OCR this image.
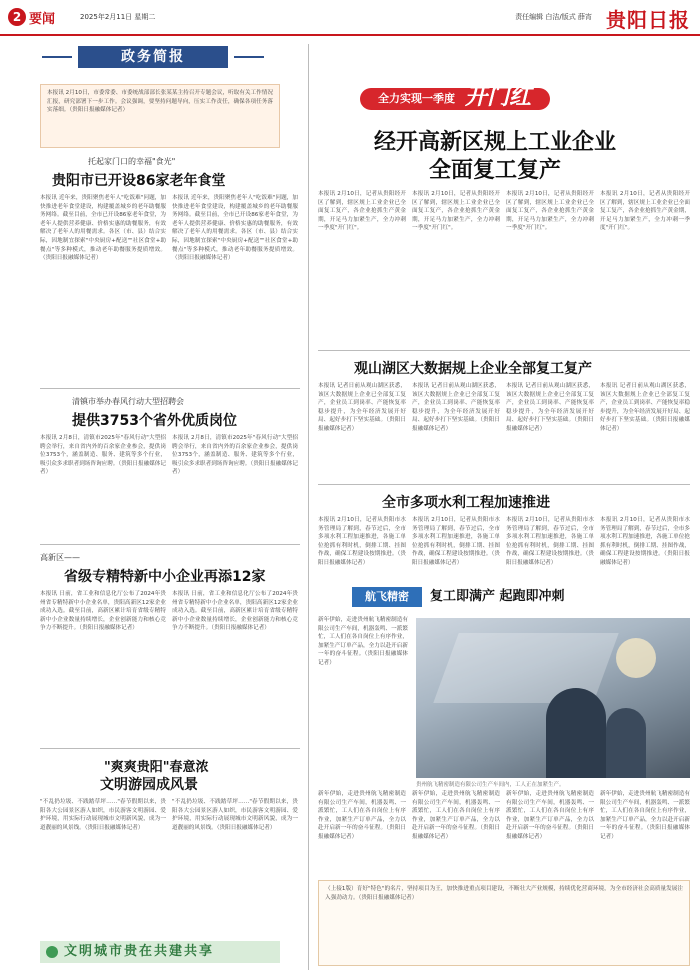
2 要闻	2025年2月11日 星期二	责任编辑 白洁/版式 薛宵 贵阳日报
政务简报
本报讯 2月10日，市委常委、市委统战部部长张某某主持召开专题会议，听取有关工作情况汇报，研究部署下一步工作。会议强调，要坚持问题导向，压实工作责任，确保各项任务落实落细。（贵阳日报融媒体记者）
托起家门口的幸福"食光"
贵阳市已开设86家老年食堂
本报讯 近年来，贵阳聚焦老年人"吃饭难"问题，加快推进老年食堂建设，构建覆盖城乡的老年助餐服务网络。截至目前，全市已开设86家老年食堂，为老年人提供营养健康、价格实惠的助餐服务，有效解决了老年人的用餐需求。各区（市、县）结合实际，因地制宜探索"中央厨房+配送""社区食堂+助餐点"等多种模式，推动老年助餐服务提质增效。（贵阳日报融媒体记者）
本报讯 近年来，贵阳聚焦老年人"吃饭难"问题，加快推进老年食堂建设，构建覆盖城乡的老年助餐服务网络。截至目前，全市已开设86家老年食堂，为老年人提供营养健康、价格实惠的助餐服务，有效解决了老年人的用餐需求。各区（市、县）结合实际，因地制宜探索"中央厨房+配送""社区食堂+助餐点"等多种模式，推动老年助餐服务提质增效。（贵阳日报融媒体记者）
清镇市举办春风行动大型招聘会
提供3753个省外优质岗位
本报讯 2月8日，清镇市2025年"春风行动"大型招聘会举行，来自省内外的百余家企业参会，提供岗位3753个，涵盖制造、服务、建筑等多个行业，吸引众多求职者到场咨询应聘。（贵阳日报融媒体记者）
本报讯 2月8日，清镇市2025年"春风行动"大型招聘会举行，来自省内外的百余家企业参会，提供岗位3753个，涵盖制造、服务、建筑等多个行业，吸引众多求职者到场咨询应聘。（贵阳日报融媒体记者）
高新区——
省级专精特新中小企业再添12家
本报讯 日前，省工业和信息化厅公布了2024年贵州省专精特新中小企业名单，贵阳高新区12家企业成功入选。截至目前，高新区累计培育省级专精特新中小企业数量持续增长，企业创新能力和核心竞争力不断提升。（贵阳日报融媒体记者）
本报讯 日前，省工业和信息化厅公布了2024年贵州省专精特新中小企业名单，贵阳高新区12家企业成功入选。截至目前，高新区累计培育省级专精特新中小企业数量持续增长，企业创新能力和核心竞争力不断提升。（贵阳日报融媒体记者）
"爽爽贵阳"春意浓
文明游园成风景
"不乱扔垃圾、不践踏草坪……"春节假期以来，贵阳各大公园景区游人如织，市民游客文明游园、爱护环境，用实际行动展现城市文明新风貌，成为一道靓丽的风景线。（贵阳日报融媒体记者）
"不乱扔垃圾、不践踏草坪……"春节假期以来，贵阳各大公园景区游人如织，市民游客文明游园、爱护环境，用实际行动展现城市文明新风貌，成为一道靓丽的风景线。（贵阳日报融媒体记者）
文明城市贵在共建共享
全力实现一季度 开门红
经开高新区规上工业企业
全面复工复产
本报讯 2月10日，记者从贵阳经开区了解到，辖区规上工业企业已全面复工复产，各企业抢抓生产黄金期，开足马力加紧生产，全力冲刺一季度"开门红"。
本报讯 2月10日，记者从贵阳经开区了解到，辖区规上工业企业已全面复工复产，各企业抢抓生产黄金期，开足马力加紧生产，全力冲刺一季度"开门红"。
本报讯 2月10日，记者从贵阳经开区了解到，辖区规上工业企业已全面复工复产，各企业抢抓生产黄金期，开足马力加紧生产，全力冲刺一季度"开门红"。
本报讯 2月10日，记者从贵阳经开区了解到，辖区规上工业企业已全面复工复产，各企业抢抓生产黄金期，开足马力加紧生产，全力冲刺一季度"开门红"。
观山湖区大数据规上企业全部复工复产
本报讯 记者日前从观山湖区获悉，该区大数据规上企业已全部复工复产，企业员工到岗率、产能恢复率稳步提升，为全年经济发展开好局、起好步打下坚实基础。（贵阳日报融媒体记者）
本报讯 记者日前从观山湖区获悉，该区大数据规上企业已全部复工复产，企业员工到岗率、产能恢复率稳步提升，为全年经济发展开好局、起好步打下坚实基础。（贵阳日报融媒体记者）
本报讯 记者日前从观山湖区获悉，该区大数据规上企业已全部复工复产，企业员工到岗率、产能恢复率稳步提升，为全年经济发展开好局、起好步打下坚实基础。（贵阳日报融媒体记者）
本报讯 记者日前从观山湖区获悉，该区大数据规上企业已全部复工复产，企业员工到岗率、产能恢复率稳步提升，为全年经济发展开好局、起好步打下坚实基础。（贵阳日报融媒体记者）
全市多项水利工程加速推进
本报讯 2月10日，记者从贵阳市水务管理局了解到，春节过后，全市多项水利工程加速推进，各施工单位抢抓有利时机，倒排工期、挂图作战，确保工程建设按期推进。（贵阳日报融媒体记者）
本报讯 2月10日，记者从贵阳市水务管理局了解到，春节过后，全市多项水利工程加速推进，各施工单位抢抓有利时机，倒排工期、挂图作战，确保工程建设按期推进。（贵阳日报融媒体记者）
本报讯 2月10日，记者从贵阳市水务管理局了解到，春节过后，全市多项水利工程加速推进，各施工单位抢抓有利时机，倒排工期、挂图作战，确保工程建设按期推进。（贵阳日报融媒体记者）
本报讯 2月10日，记者从贵阳市水务管理局了解到，春节过后，全市多项水利工程加速推进，各施工单位抢抓有利时机，倒排工期、挂图作战，确保工程建设按期推进。（贵阳日报融媒体记者）
航飞精密	复工即满产 起跑即冲刺
新年伊始，走进贵州航飞精密制造有限公司生产车间，机器轰鸣、一派繁忙，工人们在各自岗位上有序作业，加紧生产订单产品，全力以赴开启新一年的奋斗征程。（贵阳日报融媒体记者）
贵州航飞精密制造有限公司生产车间内，工人正在加紧生产。
新年伊始，走进贵州航飞精密制造有限公司生产车间，机器轰鸣、一派繁忙，工人们在各自岗位上有序作业，加紧生产订单产品，全力以赴开启新一年的奋斗征程。（贵阳日报融媒体记者）
新年伊始，走进贵州航飞精密制造有限公司生产车间，机器轰鸣、一派繁忙，工人们在各自岗位上有序作业，加紧生产订单产品，全力以赴开启新一年的奋斗征程。（贵阳日报融媒体记者）
新年伊始，走进贵州航飞精密制造有限公司生产车间，机器轰鸣、一派繁忙，工人们在各自岗位上有序作业，加紧生产订单产品，全力以赴开启新一年的奋斗征程。（贵阳日报融媒体记者）
新年伊始，走进贵州航飞精密制造有限公司生产车间，机器轰鸣、一派繁忙，工人们在各自岗位上有序作业，加紧生产订单产品，全力以赴开启新一年的奋斗征程。（贵阳日报融媒体记者）
（上接1版）育好"特色"的名片，坚持项目为王，加快推进重点项目建设，不断壮大产业规模，持续优化营商环境，为全市经济社会高质量发展注入强劲动力。（贵阳日报融媒体记者）
